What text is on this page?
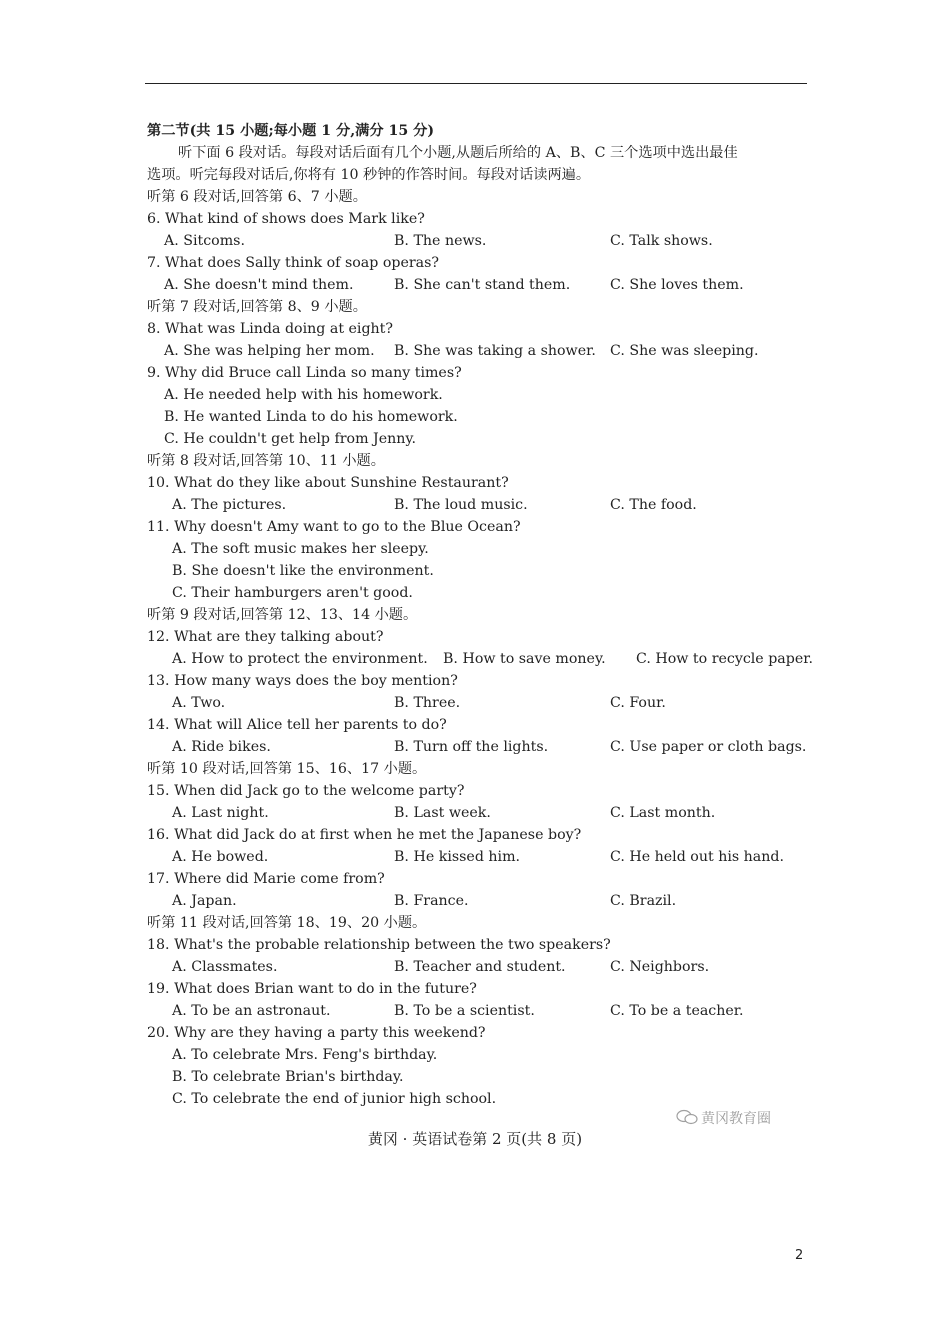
第二节(共 15 小题;每小题 1 分,满分 15 分)
听下面 6 段对话。每段对话后面有几个小题,从题后所给的 A、B、C 三个选项中选出最佳
选项。听完每段对话后,你将有 10 秒钟的作答时间。每段对话读两遍。
听第 6 段对话,回答第 6、7 小题。
6. What kind of shows does Mark like?
A. Sitcoms.	B. The news.	C. Talk shows.
7. What does Sally think of soap operas?
A. She doesn't mind them.	B. She can't stand them.	C. She loves them.
听第 7 段对话,回答第 8、9 小题。
8. What was Linda doing at eight?
A. She was helping her mom. B. She was taking a shower. C. She was sleeping.
9. Why did Bruce call Linda so many times?
A. He needed help with his homework.
B. He wanted Linda to do his homework.
C. He couldn't get help from Jenny.
听第 8 段对话,回答第 10、11 小题。
10. What do they like about Sunshine Restaurant?
A. The pictures.	B. The loud music.	C. The food.
11. Why doesn't Amy want to go to the Blue Ocean?
A. The soft music makes her sleepy.
B. She doesn't like the environment.
C. Their hamburgers aren't good.
听第 9 段对话,回答第 12、13、14 小题。
12. What are they talking about?
A. How to protect the environment. B. How to save money. C. How to recycle paper.
13. How many ways does the boy mention?
A. Two.	B. Three.	C. Four.
14. What will Alice tell her parents to do?
A. Ride bikes.	B. Turn off the lights.	C. Use paper or cloth bags.
听第 10 段对话,回答第 15、16、17 小题。
15. When did Jack go to the welcome party?
A. Last night.	B. Last week.	C. Last month.
16. What did Jack do at first when he met the Japanese boy?
A. He bowed.	B. He kissed him.	C. He held out his hand.
17. Where did Marie come from?
A. Japan.	B. France.	C. Brazil.
听第 11 段对话,回答第 18、19、20 小题。
18. What's the probable relationship between the two speakers?
A. Classmates.	B. Teacher and student.	C. Neighbors.
19. What does Brian want to do in the future?
A. To be an astronaut.	B. To be a scientist.	C. To be a teacher.
20. Why are they having a party this weekend?
A. To celebrate Mrs. Feng's birthday.
B. To celebrate Brian's birthday.
C. To celebrate the end of junior high school.
黄冈教育圈
黄冈 · 英语试卷第 2 页(共 8 页)
2
